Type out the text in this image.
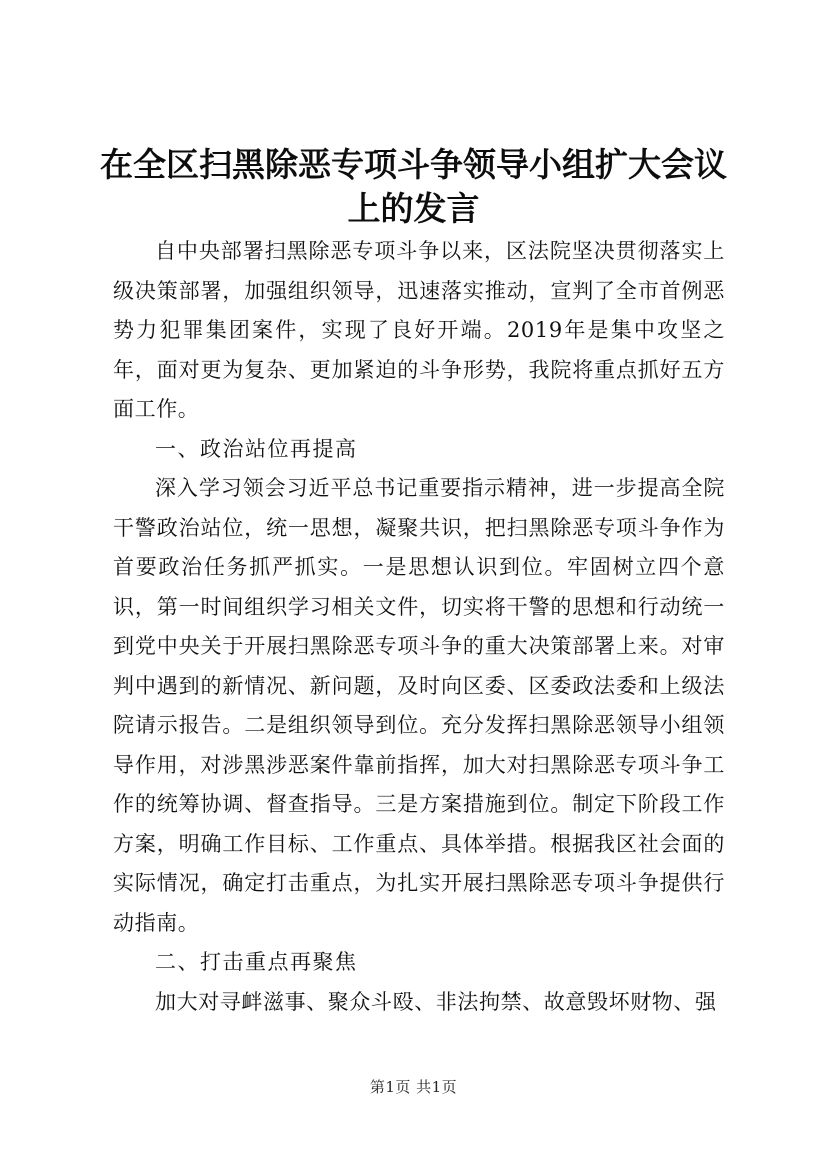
在全区扫黑除恶专项斗争领导小组扩大会议上的发言

自中央部署扫黑除恶专项斗争以来，区法院坚决贯彻落实上级决策部署，加强组织领导，迅速落实推动，宣判了全市首例恶势力犯罪集团案件，实现了良好开端。2019年是集中攻坚之年，面对更为复杂、更加紧迫的斗争形势，我院将重点抓好五方面工作。

一、政治站位再提高

深入学习领会习近平总书记重要指示精神，进一步提高全院干警政治站位，统一思想，凝聚共识，把扫黑除恶专项斗争作为首要政治任务抓严抓实。一是思想认识到位。牢固树立四个意识，第一时间组织学习相关文件，切实将干警的思想和行动统一到党中央关于开展扫黑除恶专项斗争的重大决策部署上来。对审判中遇到的新情况、新问题，及时向区委、区委政法委和上级法院请示报告。二是组织领导到位。充分发挥扫黑除恶领导小组领导作用，对涉黑涉恶案件靠前指挥，加大对扫黑除恶专项斗争工作的统筹协调、督查指导。三是方案措施到位。制定下阶段工作方案，明确工作目标、工作重点、具体举措。根据我区社会面的实际情况，确定打击重点，为扎实开展扫黑除恶专项斗争提供行动指南。

二、打击重点再聚焦

加大对寻衅滋事、聚众斗殴、非法拘禁、故意毁坏财物、强

第1页 共1页
